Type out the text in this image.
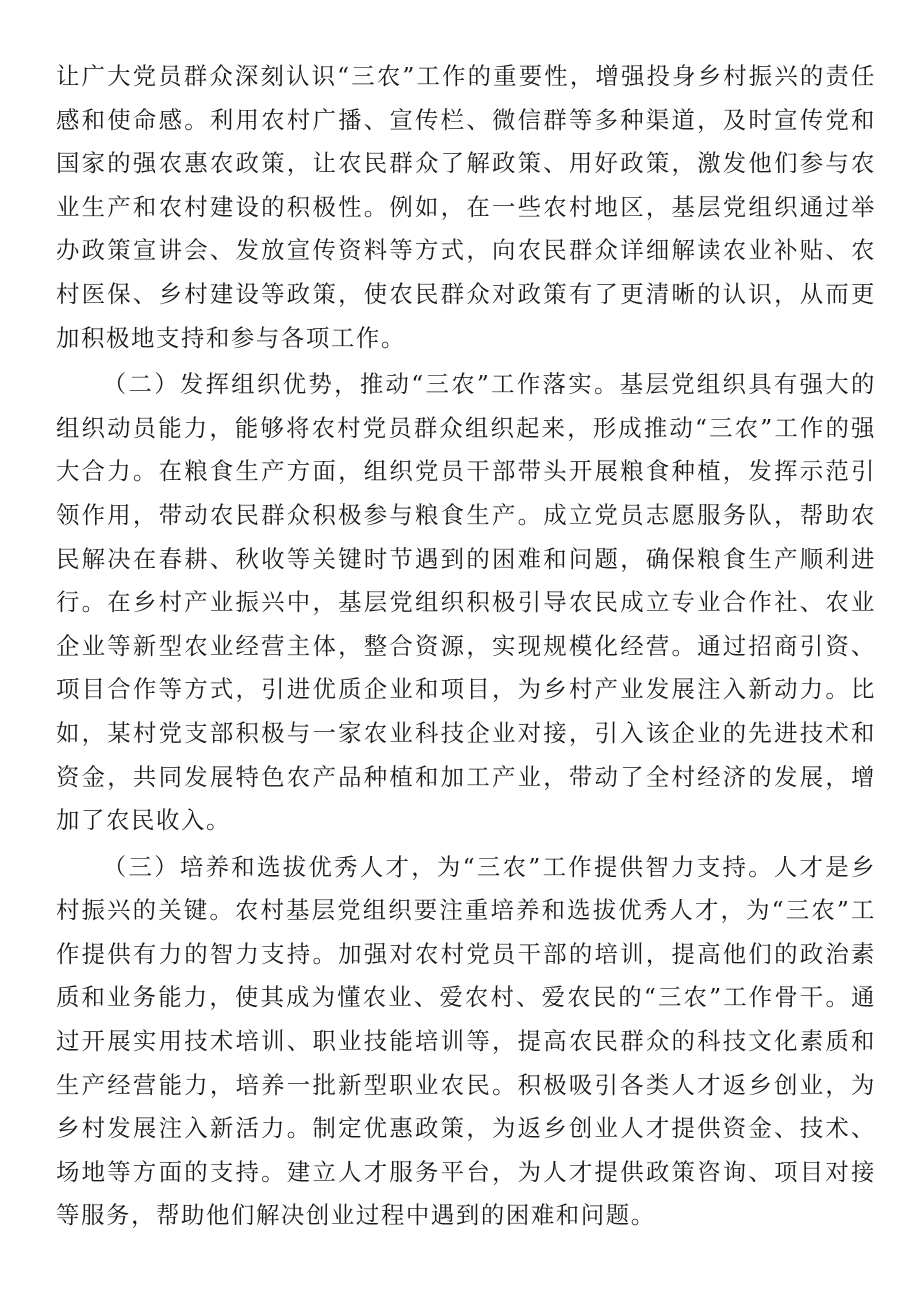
让广大党员群众深刻认识“三农”工作的重要性，增强投身乡村振兴的责任感和使命感。利用农村广播、宣传栏、微信群等多种渠道，及时宣传党和国家的强农惠农政策，让农民群众了解政策、用好政策，激发他们参与农业生产和农村建设的积极性。例如，在一些农村地区，基层党组织通过举办政策宣讲会、发放宣传资料等方式，向农民群众详细解读农业补贴、农村医保、乡村建设等政策，使农民群众对政策有了更清晰的认识，从而更加积极地支持和参与各项工作。

（二）发挥组织优势，推动“三农”工作落实。基层党组织具有强大的组织动员能力，能够将农村党员群众组织起来，形成推动“三农”工作的强大合力。在粮食生产方面，组织党员干部带头开展粮食种植，发挥示范引领作用，带动农民群众积极参与粮食生产。成立党员志愿服务队，帮助农民解决在春耕、秋收等关键时节遇到的困难和问题，确保粮食生产顺利进行。在乡村产业振兴中，基层党组织积极引导农民成立专业合作社、农业企业等新型农业经营主体，整合资源，实现规模化经营。通过招商引资、项目合作等方式，引进优质企业和项目，为乡村产业发展注入新动力。比如，某村党支部积极与一家农业科技企业对接，引入该企业的先进技术和资金，共同发展特色农产品种植和加工产业，带动了全村经济的发展，增加了农民收入。

（三）培养和选拔优秀人才，为“三农”工作提供智力支持。人才是乡村振兴的关键。农村基层党组织要注重培养和选拔优秀人才，为“三农”工作提供有力的智力支持。加强对农村党员干部的培训，提高他们的政治素质和业务能力，使其成为懂农业、爱农村、爱农民的“三农”工作骨干。通过开展实用技术培训、职业技能培训等，提高农民群众的科技文化素质和生产经营能力，培养一批新型职业农民。积极吸引各类人才返乡创业，为乡村发展注入新活力。制定优惠政策，为返乡创业人才提供资金、技术、场地等方面的支持。建立人才服务平台，为人才提供政策咨询、项目对接等服务，帮助他们解决创业过程中遇到的困难和问题。
